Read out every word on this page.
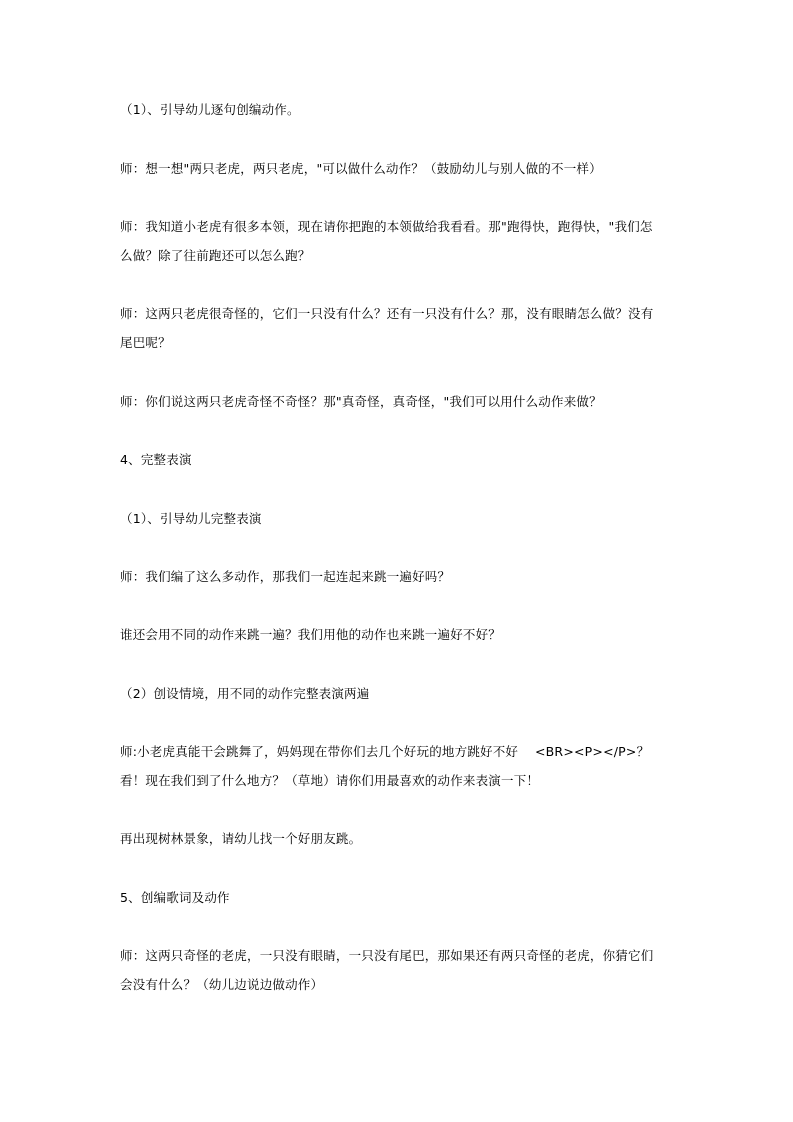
（1）、引导幼儿逐句创编动作。
师：想一想"两只老虎，两只老虎，"可以做什么动作？（鼓励幼儿与别人做的不一样）
师：我知道小老虎有很多本领，现在请你把跑的本领做给我看看。那"跑得快，跑得快，"我们怎
么做？除了往前跑还可以怎么跑？
师：这两只老虎很奇怪的，它们一只没有什么？还有一只没有什么？那，没有眼睛怎么做？没有
尾巴呢？
师：你们说这两只老虎奇怪不奇怪？那"真奇怪，真奇怪，"我们可以用什么动作来做？
4、完整表演
（1）、引导幼儿完整表演
师：我们编了这么多动作，那我们一起连起来跳一遍好吗？
谁还会用不同的动作来跳一遍？我们用他的动作也来跳一遍好不好？
（2）创设情境，用不同的动作完整表演两遍
师:小老虎真能干会跳舞了，妈妈现在带你们去几个好玩的地方跳好不好 　<BR><P></P>？
看！现在我们到了什么地方？（草地）请你们用最喜欢的动作来表演一下！
再出现树林景象，请幼儿找一个好朋友跳。
5、创编歌词及动作
师：这两只奇怪的老虎，一只没有眼睛，一只没有尾巴，那如果还有两只奇怪的老虎，你猜它们
会没有什么？（幼儿边说边做动作）
